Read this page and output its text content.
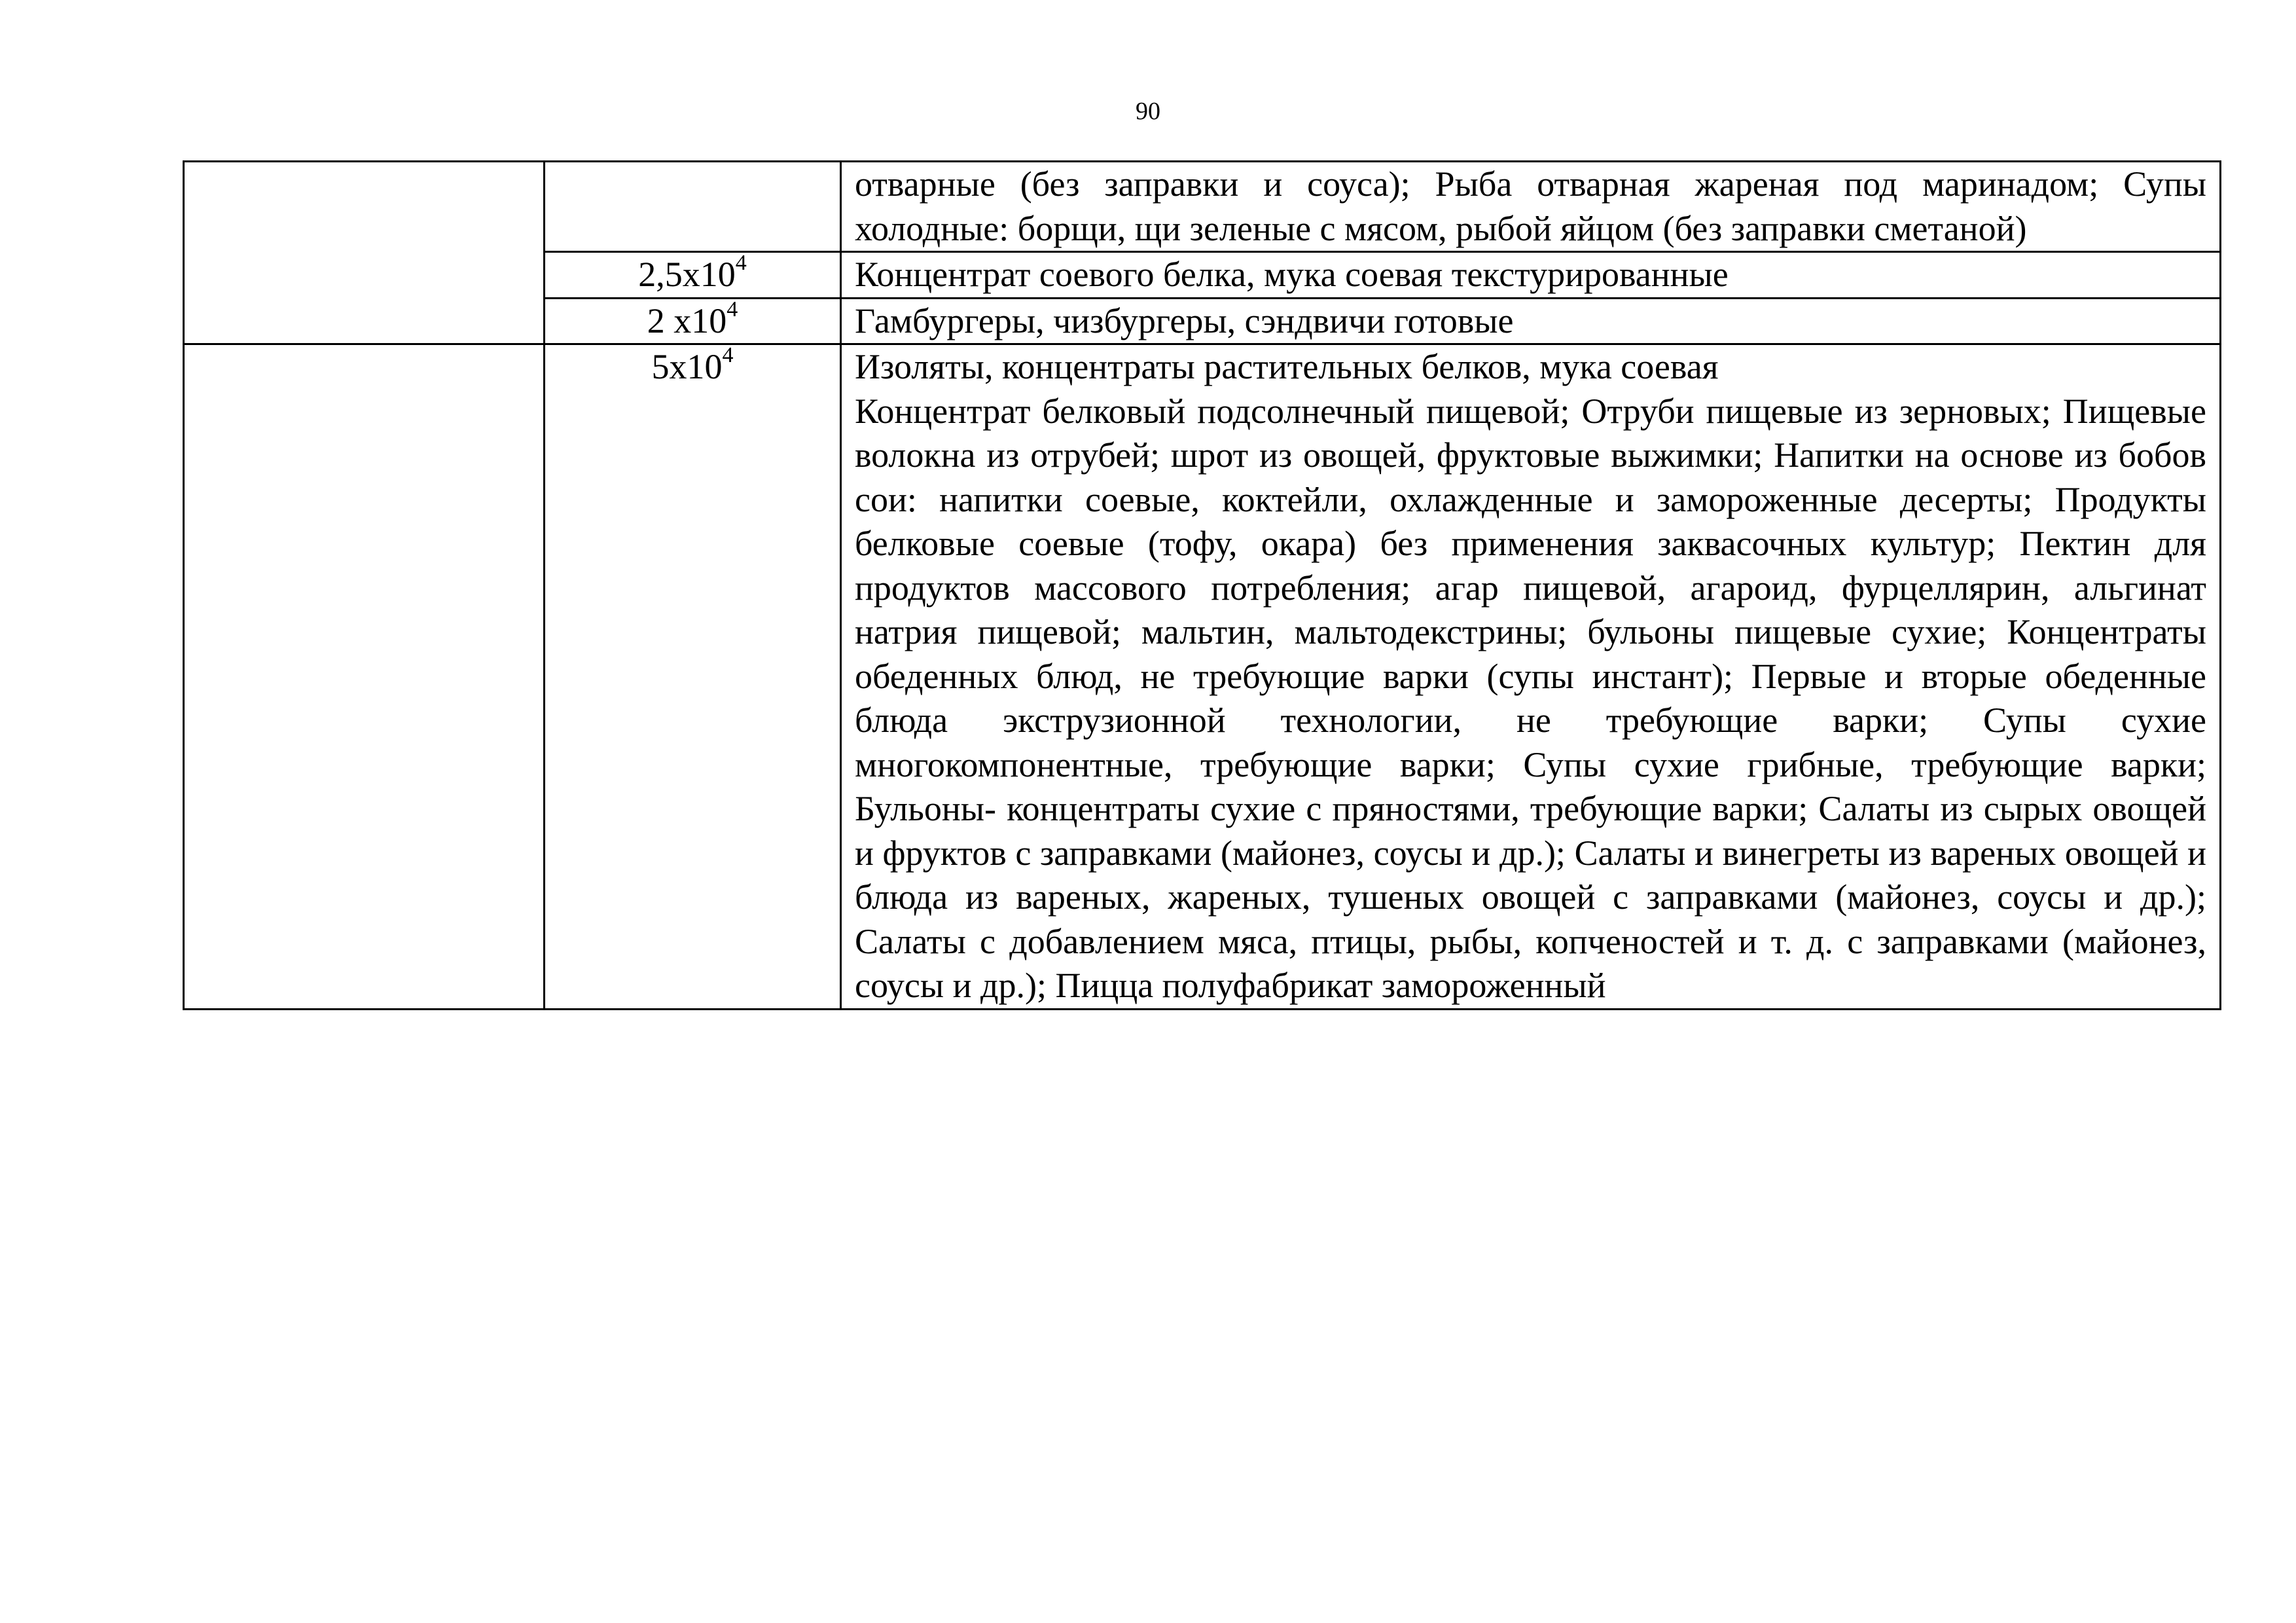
90
		отварные (без заправки и соуса); Рыба отварная жареная под маринадом; Супы холодные: борщи, щи зеленые с мясом, рыбой яйцом (без заправки сметаной)
	$2,5x10^4$	Концентрат соевого белка, мука соевая текстурированные
	2 $x10^4$	Гамбургеры, чизбургеры, сэндвичи готовые
	$5x10^4$	Изоляты, концентраты растительных белков, мука соевая
Концентрат белковый подсолнечный пищевой; Отруби пищевые из зерновых; Пищевые волокна из отрубей; шрот из овощей, фруктовые выжимки; Напитки на основе из бобов сои: напитки соевые, коктейли, охлажденные и замороженные десерты; Продукты белковые соевые (тофу, окара) без применения заквасочных культур; Пектин для продуктов массового потребления; агар пищевой, агароид, фурцеллярин, альгинат натрия пищевой; мальтин, мальтодекстрины; бульоны пищевые сухие; Концентраты обеденных блюд, не требующие варки (супы инстант); Первые и вторые обеденные блюда экструзионной технологии, не требующие варки; Супы сухие многокомпонентные, требующие варки; Супы сухие грибные, требующие варки; Бульоны- концентраты сухие с пряностями, требующие варки; Салаты из сырых овощей и фруктов с заправками (майонез, соусы и др.); Салаты и винегреты из вареных овощей и блюда из вареных, жареных, тушеных овощей с заправками (майонез, соусы и др.); Салаты с добавлением мяса, птицы, рыбы, копченостей и т. д. с заправками (майонез, соусы и др.); Пицца полуфабрикат замороженный
